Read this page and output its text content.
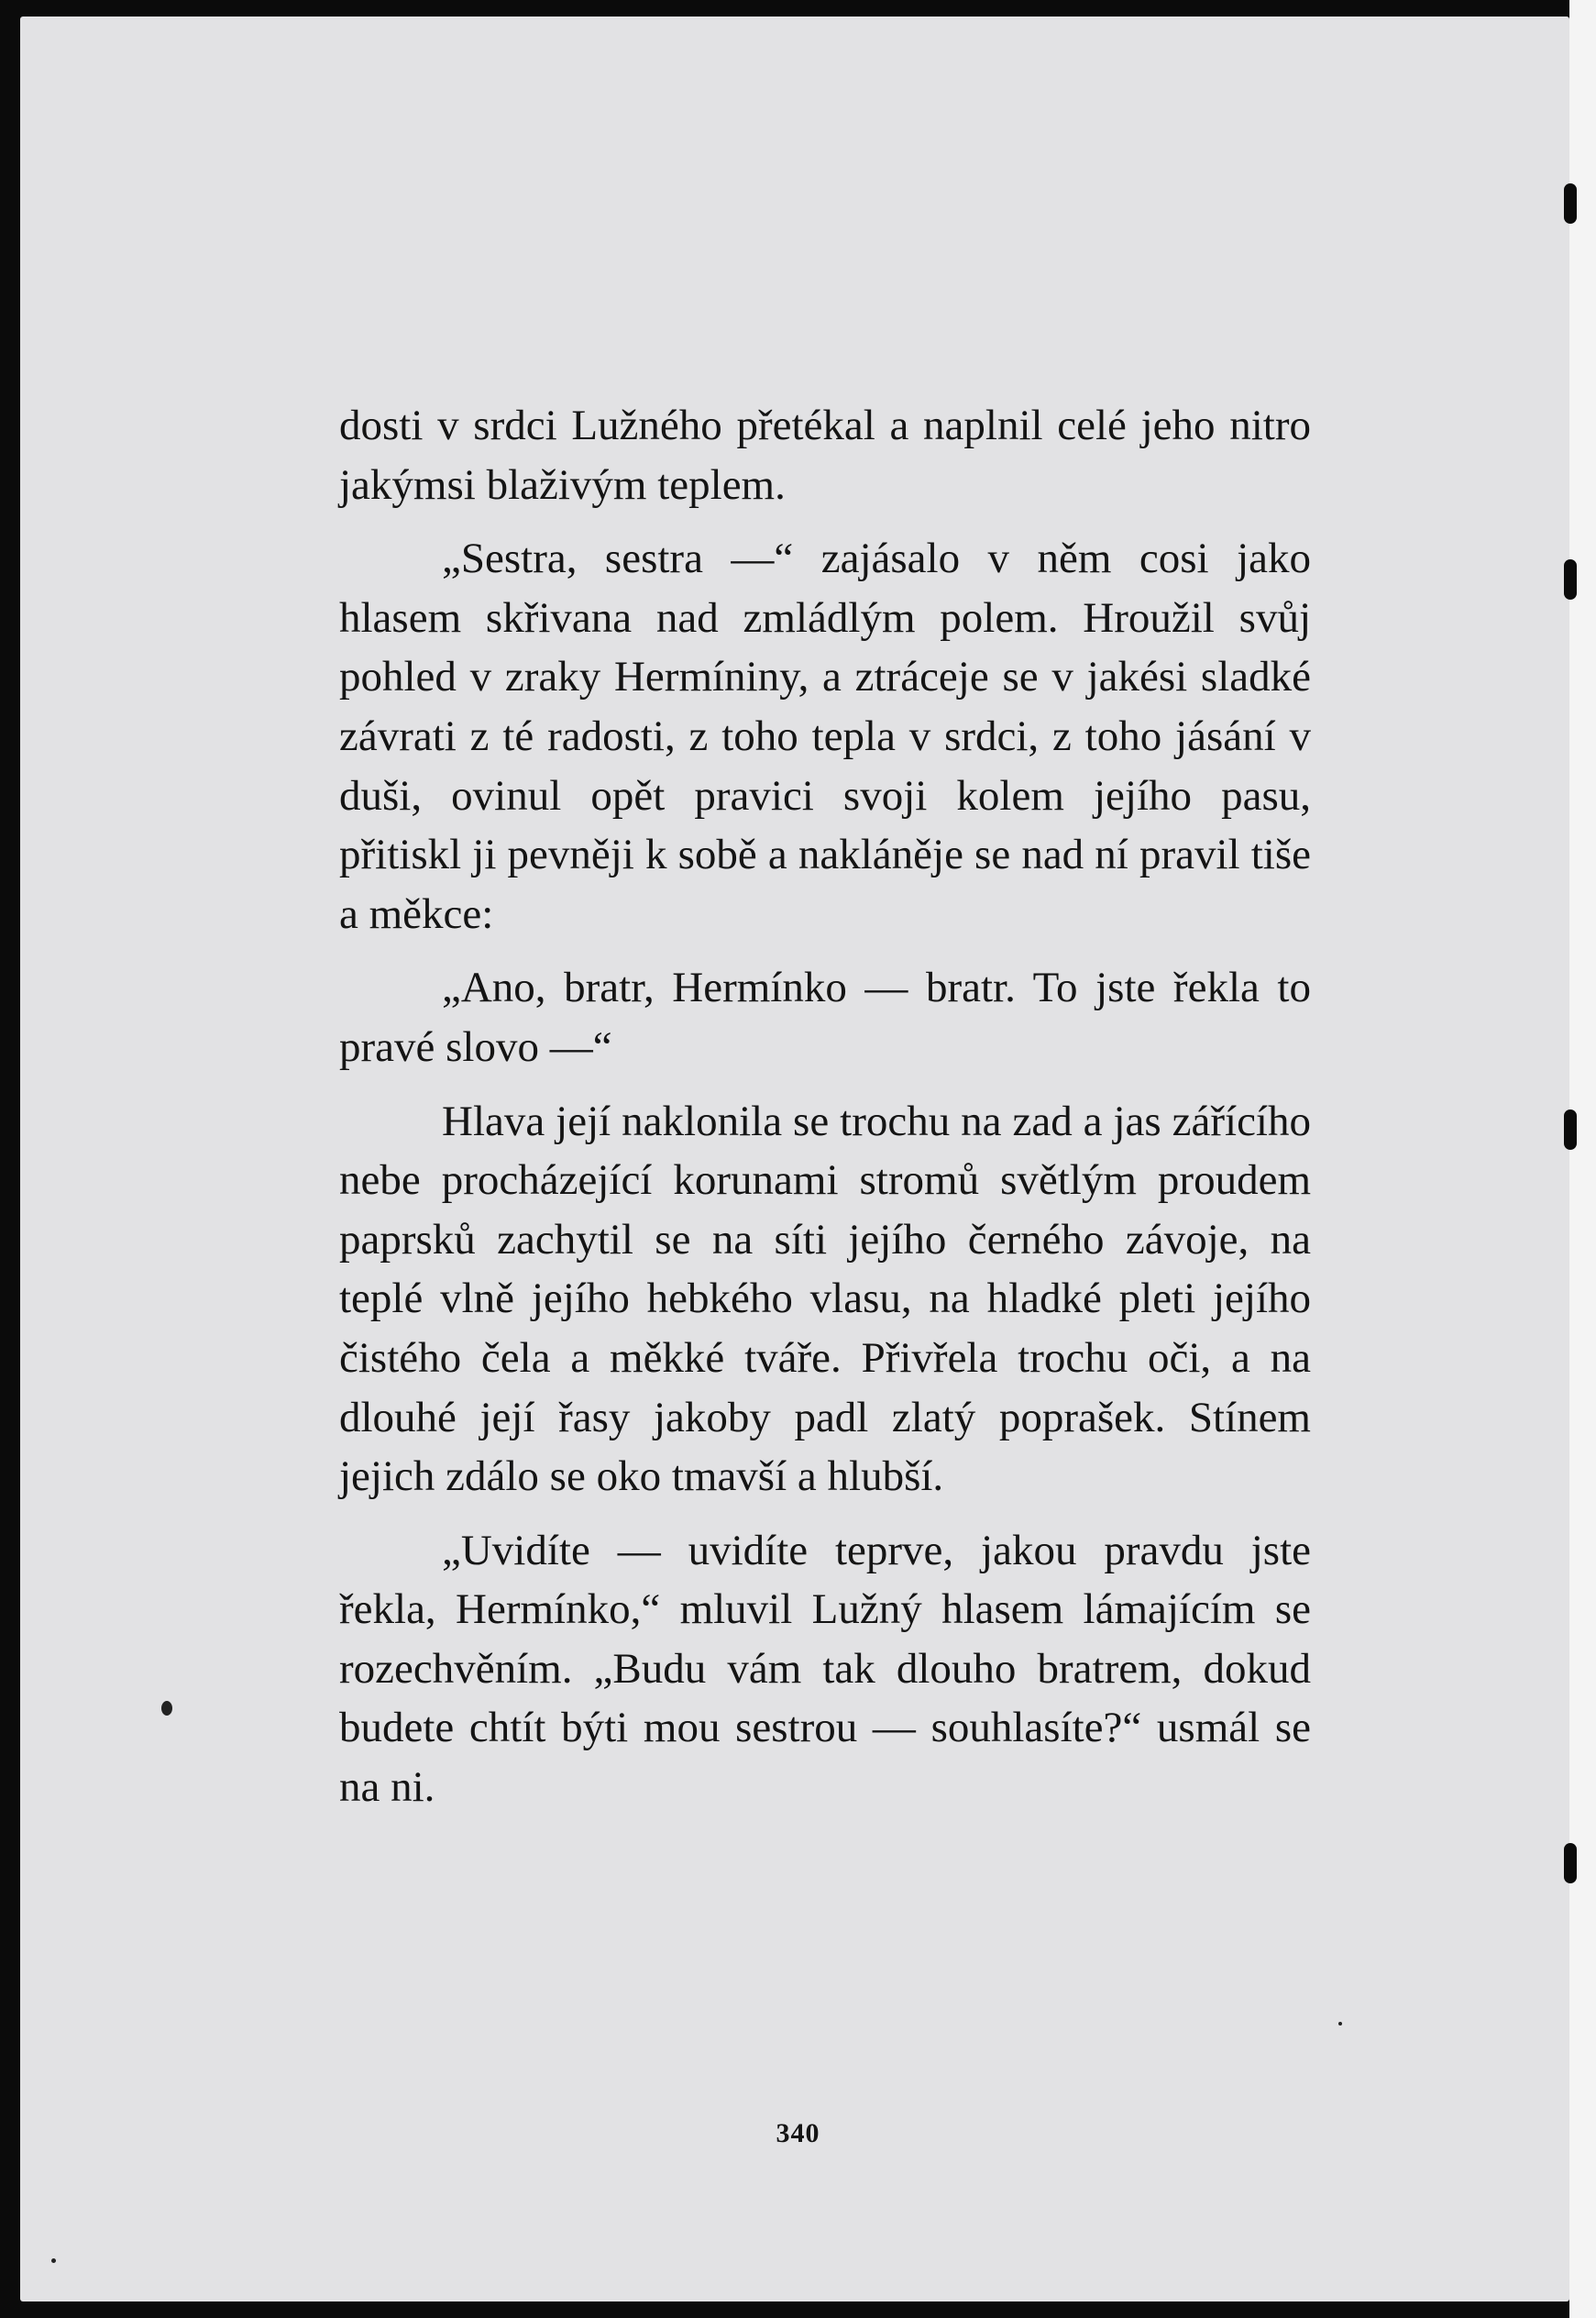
dosti v srdci Lužného přetékal a naplnil celé jeho nitro jakýmsi blaživým teplem.

„Sestra, sestra —“ zajásalo v něm cosi jako hlasem skřivana nad zmládlým polem. Hroužil svůj pohled v zraky Hermíniny, a ztráceje se v jakési sladké závrati z té radosti, z toho tepla v srdci, z toho jásání v duši, ovinul opět pravici svoji kolem jejího pasu, přitiskl ji pevněji k sobě a nakláněje se nad ní pravil tiše a měkce:

„Ano, bratr, Hermínko — bratr. To jste řekla to pravé slovo —“

Hlava její naklonila se trochu na zad a jas zářícího nebe procházející korunami stromů světlým proudem paprsků zachytil se na síti jejího černého závoje, na teplé vlně jejího hebkého vlasu, na hladké pleti jejího čistého čela a měkké tváře. Přivřela trochu oči, a na dlouhé její řasy jakoby padl zlatý poprašek. Stínem jejich zdálo se oko tmavší a hlubší.

„Uvidíte — uvidíte teprve, jakou pravdu jste řekla, Hermínko,“ mluvil Lužný hlasem lámajícím se rozechvěním. „Budu vám tak dlouho bratrem, dokud budete chtít býti mou sestrou — souhlasíte?“ usmál se na ni.

340
